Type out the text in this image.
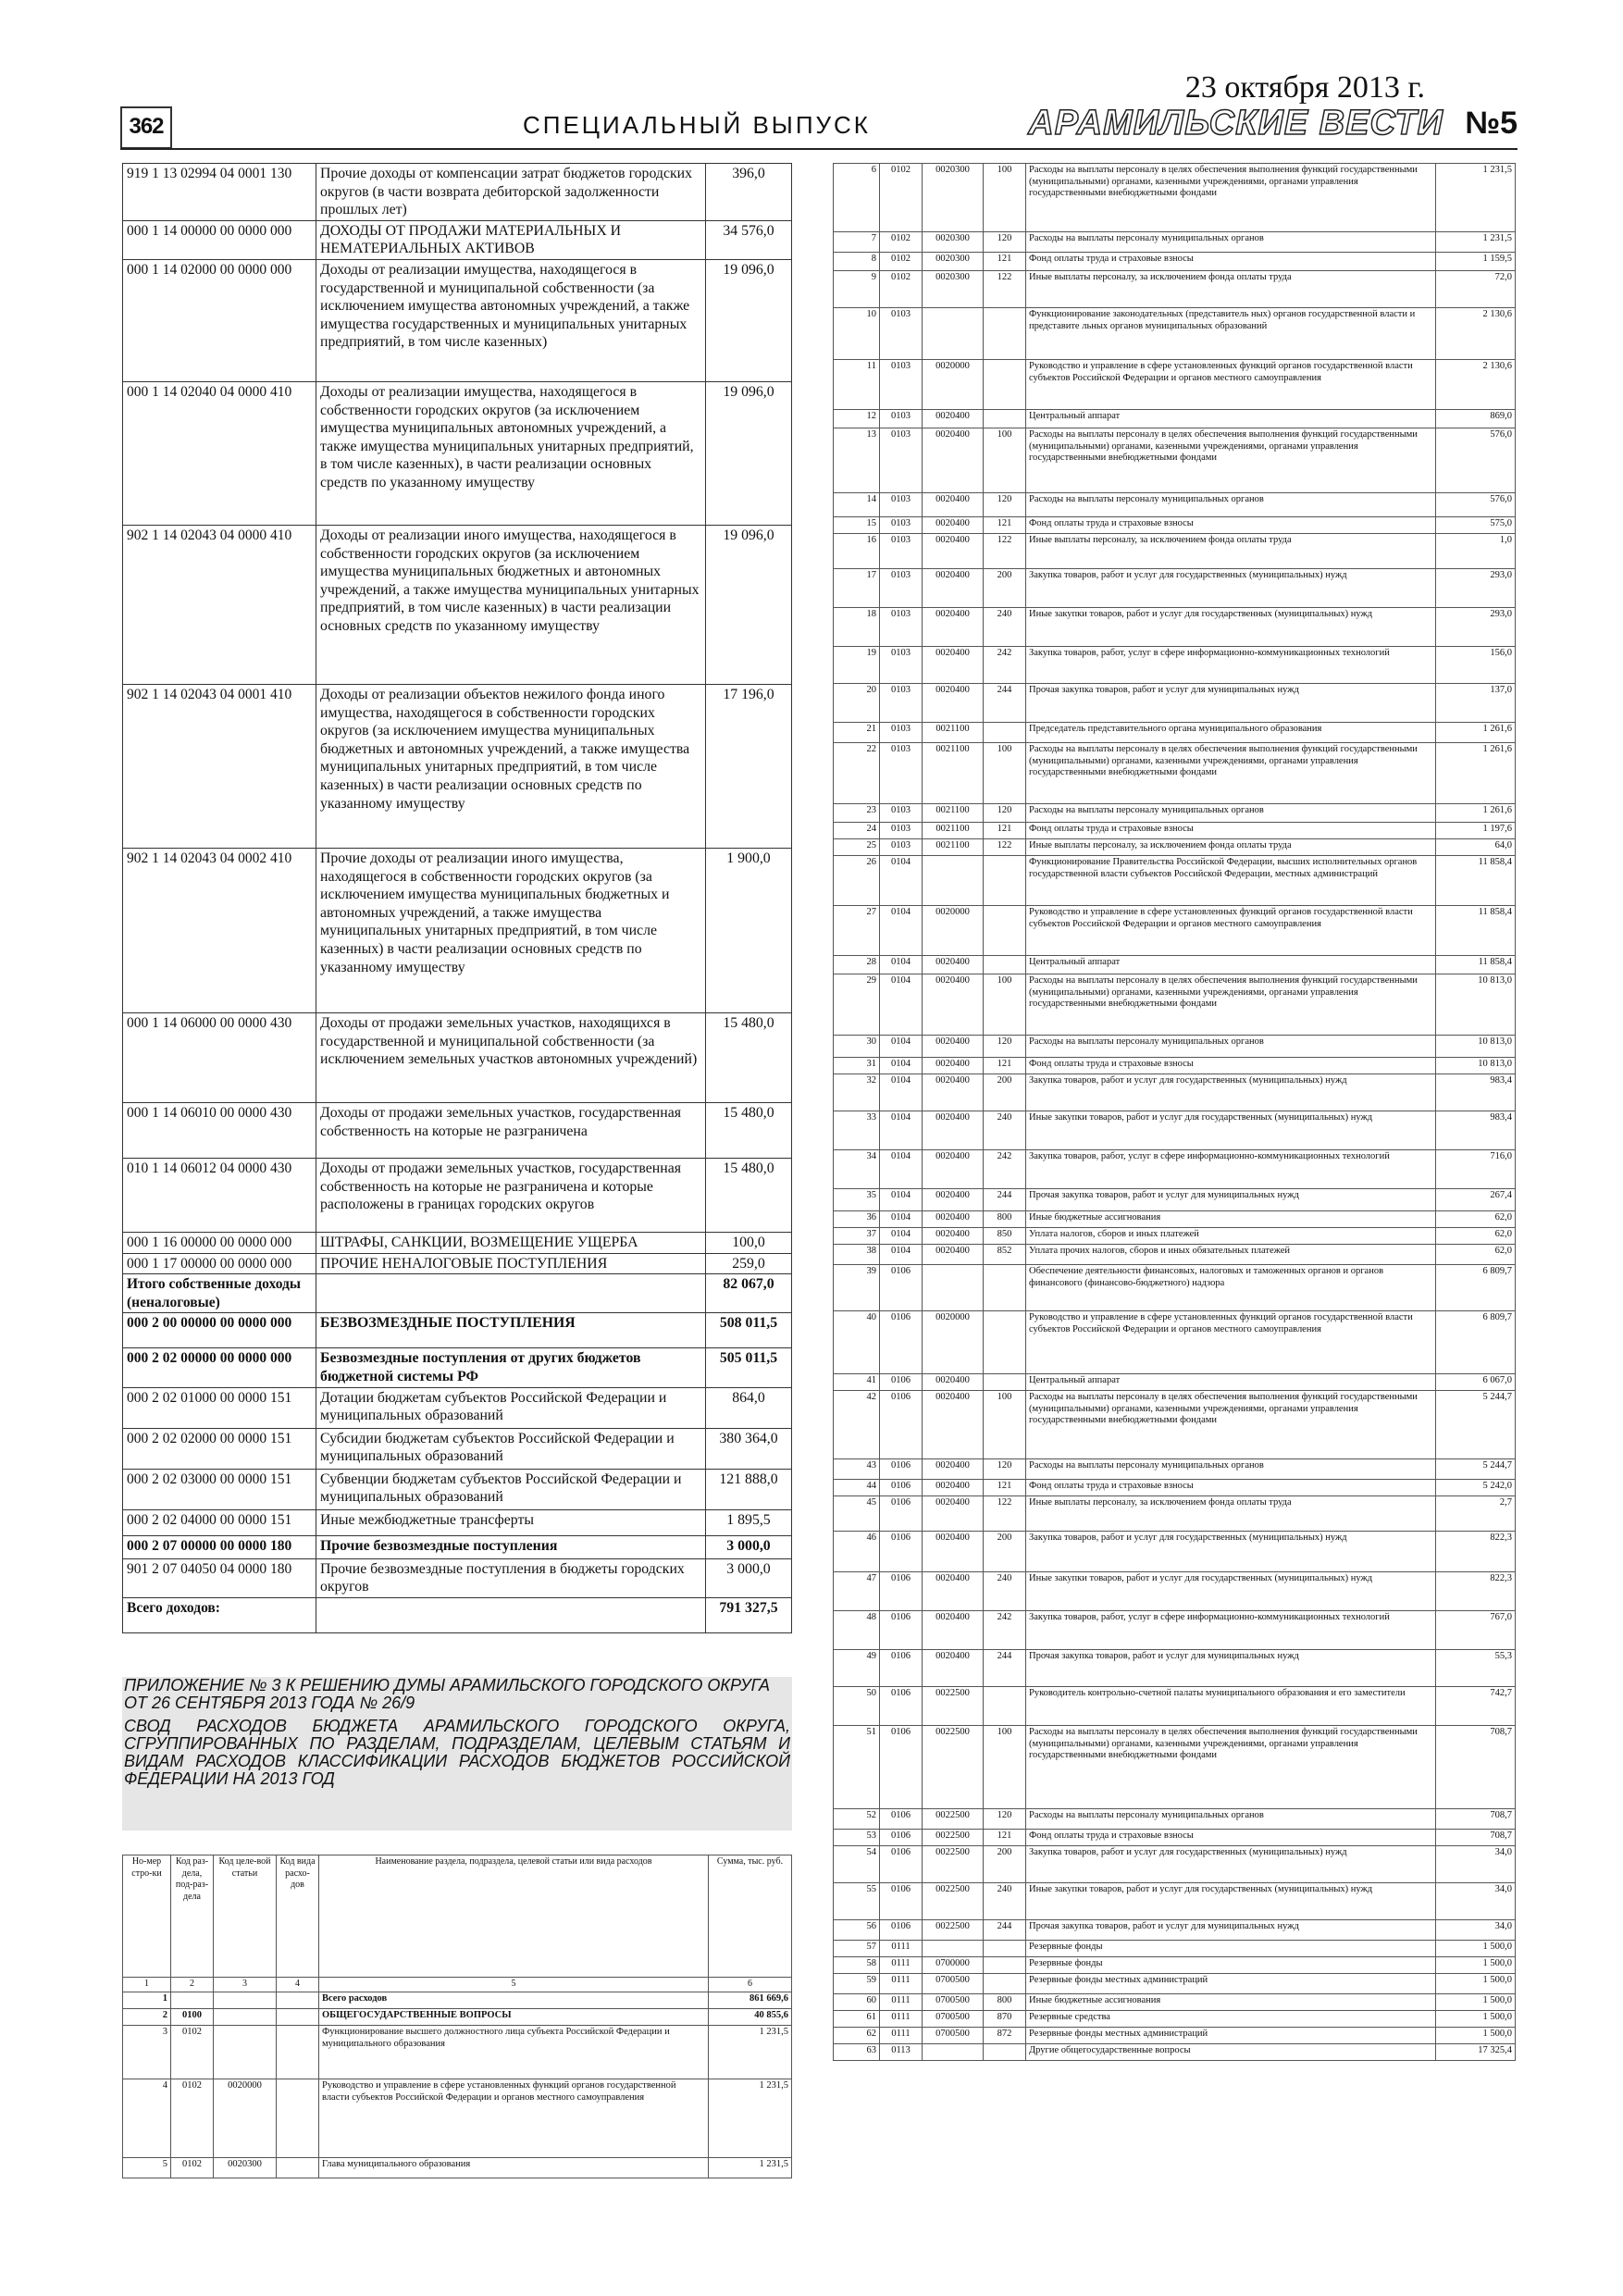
362	СПЕЦИАЛЬНЫЙ ВЫПУСК
23 октября 2013 г.
АРАМИЛЬСКИЕ ВЕСТИ №5
919 1 13 02994 04 0001 130	Прочие доходы от компенсации затрат бюджетов городских округов (в части возврата дебиторской задолженности прошлых лет)	396,0
000 1 14 00000 00 0000 000	ДОХОДЫ ОТ ПРОДАЖИ МАТЕРИАЛЬНЫХ И НЕМАТЕРИАЛЬНЫХ АКТИВОВ	34 576,0
000 1 14 02000 00 0000 000	Доходы от реализации имущества, находящегося в государственной и муниципальной собственности (за исключением имущества автономных учреждений, а также имущества государственных и муниципальных унитарных предприятий, в том числе казенных)	19 096,0
000 1 14 02040 04 0000 410	Доходы от реализации имущества, находящегося в собственности городских округов (за исключением имущества муниципальных автономных учреждений, а также имущества муниципальных унитарных предприятий, в том числе казенных), в части реализации основных средств по указанному имуществу	19 096,0
902 1 14 02043 04 0000 410	Доходы от реализации иного имущества, находящегося в собственности городских округов (за исключением имущества муниципальных бюджетных и автономных учреждений, а также имущества муниципальных унитарных предприятий, в том числе казенных) в части реализации основных средств по указанному имуществу	19 096,0
902 1 14 02043 04 0001 410	Доходы от реализации объектов нежилого фонда иного имущества, находящегося в собственности городских округов (за исключением имущества муниципальных бюджетных и автономных учреждений, а также имущества муниципальных унитарных предприятий, в том числе казенных) в части реализации основных средств по указанному имуществу	17 196,0
902 1 14 02043 04 0002 410	Прочие доходы от реализации иного имущества, находящегося в собственности городских округов (за исключением имущества муниципальных бюджетных и автономных учреждений, а также имущества муниципальных унитарных предприятий, в том числе казенных) в части реализации основных средств по указанному имуществу	1 900,0
000 1 14 06000 00 0000 430	Доходы от продажи земельных участков, находящихся в государственной и муниципальной собственности (за исключением земельных участков автономных учреждений)	15 480,0
000 1 14 06010 00 0000 430	Доходы от продажи земельных участков, государственная собственность на которые не разграничена	15 480,0
010 1 14 06012 04 0000 430	Доходы от продажи земельных участков, государственная собственность на которые не разграничена и которые расположены в границах городских округов	15 480,0
000 1 16 00000 00 0000 000	ШТРАФЫ, САНКЦИИ, ВОЗМЕЩЕНИЕ УЩЕРБА	100,0
000 1 17 00000 00 0000 000	ПРОЧИЕ НЕНАЛОГОВЫЕ ПОСТУПЛЕНИЯ	259,0
Итого собственные доходы (неналоговые)		82 067,0
000 2 00 00000 00 0000 000	БЕЗВОЗМЕЗДНЫЕ ПОСТУПЛЕНИЯ	508 011,5
000 2 02 00000 00 0000 000	Безвозмездные поступления от других бюджетов бюджетной системы РФ	505 011,5
000 2 02 01000 00 0000 151	Дотации бюджетам субъектов Российской Федерации и муниципальных образований	864,0
000 2 02 02000 00 0000 151	Субсидии бюджетам субъектов Российской Федерации и муниципальных образований	380 364,0
000 2 02 03000 00 0000 151	Субвенции бюджетам субъектов Российской Федерации и муниципальных образований	121 888,0
000 2 02 04000 00 0000 151	Иные межбюджетные трансферты	1 895,5
000 2 07 00000 00 0000 180	Прочие безвозмездные поступления	3 000,0
901 2 07 04050 04 0000 180	Прочие безвозмездные поступления в бюджеты городских округов	3 000,0
Всего доходов:		791 327,5
ПРИЛОЖЕНИЕ № 3 К РЕШЕНИЮ ДУМЫ АРАМИЛЬСКОГО ГОРОДСКОГО ОКРУГА ОТ 26 СЕНТЯБРЯ 2013 ГОДА № 26/9
СВОД РАСХОДОВ БЮДЖЕТА АРАМИЛЬСКОГО ГОРОДСКОГО ОКРУГА, СГРУППИРОВАННЫХ ПО РАЗДЕЛАМ, ПОДРАЗДЕЛАМ, ЦЕЛЕВЫМ СТАТЬЯМ И ВИДАМ РАСХОДОВ КЛАССИФИКАЦИИ РАСХОДОВ БЮДЖЕТОВ РОССИЙСКОЙ ФЕДЕРАЦИИ НА 2013 ГОД
Но-мер стро-ки	Код раз-дела, под-раз-дела	Код целе-вой статьи	Код вида расхо-дов	Наименование раздела, подраздела, целевой статьи или вида расходов	Сумма, тыс. руб.
1	2	3	4	5	6
1				Всего расходов	861 669,6
2	0100			ОБЩЕГОСУДАРСТВЕННЫЕ ВОПРОСЫ	40 855,6
3	0102			Функционирование высшего должностного лица субъекта Российской Федерации и муниципального образования	1 231,5
4	0102	0020000		Руководство и управление в сфере установленных функций органов государственной власти субъектов Российской Федерации и органов местного самоуправления	1 231,5
5	0102	0020300		Глава муниципального образования	1 231,5
6	0102	0020300	100	Расходы на выплаты персоналу в целях обеспечения выполнения функций государственными (муниципальными) органами, казенными учреждениями, органами управления государственными внебюджетными фондами	1 231,5
7	0102	0020300	120	Расходы на выплаты персоналу муниципальных органов	1 231,5
8	0102	0020300	121	Фонд оплаты труда и страховые взносы	1 159,5
9	0102	0020300	122	Иные выплаты персоналу, за исключением фонда оплаты труда	72,0
10	0103			Функционирование законодательных (представитель ных) органов государственной власти и представите льных органов муниципальных образований	2 130,6
11	0103	0020000		Руководство и управление в сфере установленных функций органов государственной власти субъектов Российской Федерации и органов местного самоуправления	2 130,6
12	0103	0020400		Центральный аппарат	869,0
13	0103	0020400	100	Расходы на выплаты персоналу в целях обеспечения выполнения функций государственными (муниципальными) органами, казенными учреждениями, органами управления государственными внебюджетными фондами	576,0
14	0103	0020400	120	Расходы на выплаты персоналу муниципальных органов	576,0
15	0103	0020400	121	Фонд оплаты труда и страховые взносы	575,0
16	0103	0020400	122	Иные выплаты персоналу, за исключением фонда оплаты труда	1,0
17	0103	0020400	200	Закупка товаров, работ и услуг для государственных (муниципальных) нужд	293,0
18	0103	0020400	240	Иные закупки товаров, работ и услуг для государственных (муниципальных) нужд	293,0
19	0103	0020400	242	Закупка товаров, работ, услуг в сфере информационно-коммуникационных технологий	156,0
20	0103	0020400	244	Прочая закупка товаров, работ и услуг для муниципальных нужд	137,0
21	0103	0021100		Председатель представительного органа муниципального образования	1 261,6
22	0103	0021100	100	Расходы на выплаты персоналу в целях обеспечения выполнения функций государственными (муниципальными) органами, казенными учреждениями, органами управления государственными внебюджетными фондами	1 261,6
23	0103	0021100	120	Расходы на выплаты персоналу муниципальных органов	1 261,6
24	0103	0021100	121	Фонд оплаты труда и страховые взносы	1 197,6
25	0103	0021100	122	Иные выплаты персоналу, за исключением фонда оплаты труда	64,0
26	0104			Функционирование Правительства Российской Федерации, высших исполнительных органов государственной власти субъектов Российской Федерации, местных администраций	11 858,4
27	0104	0020000		Руководство и управление в сфере установленных функций органов государственной власти субъектов Российской Федерации и органов местного самоуправления	11 858,4
28	0104	0020400		Центральный аппарат	11 858,4
29	0104	0020400	100	Расходы на выплаты персоналу в целях обеспечения выполнения функций государственными (муниципальными) органами, казенными учреждениями, органами управления государственными внебюджетными фондами	10 813,0
30	0104	0020400	120	Расходы на выплаты персоналу муниципальных органов	10 813,0
31	0104	0020400	121	Фонд оплаты труда и страховые взносы	10 813,0
32	0104	0020400	200	Закупка товаров, работ и услуг для государственных (муниципальных) нужд	983,4
33	0104	0020400	240	Иные закупки товаров, работ и услуг для государственных (муниципальных) нужд	983,4
34	0104	0020400	242	Закупка товаров, работ, услуг в сфере информационно-коммуникационных технологий	716,0
35	0104	0020400	244	Прочая закупка товаров, работ и услуг для муниципальных нужд	267,4
36	0104	0020400	800	Иные бюджетные ассигнования	62,0
37	0104	0020400	850	Уплата налогов, сборов и иных платежей	62,0
38	0104	0020400	852	Уплата прочих налогов, сборов и иных обязательных платежей	62,0
39	0106			Обеспечение деятельности финансовых, налоговых и таможенных органов и органов финансового (финансово-бюджетного) надзора	6 809,7
40	0106	0020000		Руководство и управление в сфере установленных функций органов государственной власти субъектов Российской Федерации и органов местного самоуправления	6 809,7
41	0106	0020400		Центральный аппарат	6 067,0
42	0106	0020400	100	Расходы на выплаты персоналу в целях обеспечения выполнения функций государственными (муниципальными) органами, казенными учреждениями, органами управления государственными внебюджетными фондами	5 244,7
43	0106	0020400	120	Расходы на выплаты персоналу муниципальных органов	5 244,7
44	0106	0020400	121	Фонд оплаты труда и страховые взносы	5 242,0
45	0106	0020400	122	Иные выплаты персоналу, за исключением фонда оплаты труда	2,7
46	0106	0020400	200	Закупка товаров, работ и услуг для государственных (муниципальных) нужд	822,3
47	0106	0020400	240	Иные закупки товаров, работ и услуг для государственных (муниципальных) нужд	822,3
48	0106	0020400	242	Закупка товаров, работ, услуг в сфере информационно-коммуникационных технологий	767,0
49	0106	0020400	244	Прочая закупка товаров, работ и услуг для муниципальных нужд	55,3
50	0106	0022500		Руководитель контрольно-счетной палаты муниципального образования и его заместители	742,7
51	0106	0022500	100	Расходы на выплаты персоналу в целях обеспечения выполнения функций государственными (муниципальными) органами, казенными учреждениями, органами управления государственными внебюджетными фондами	708,7
52	0106	0022500	120	Расходы на выплаты персоналу муниципальных органов	708,7
53	0106	0022500	121	Фонд оплаты труда и страховые взносы	708,7
54	0106	0022500	200	Закупка товаров, работ и услуг для государственных (муниципальных) нужд	34,0
55	0106	0022500	240	Иные закупки товаров, работ и услуг для государственных (муниципальных) нужд	34,0
56	0106	0022500	244	Прочая закупка товаров, работ и услуг для муниципальных нужд	34,0
57	0111			Резервные фонды	1 500,0
58	0111	0700000		Резервные фонды	1 500,0
59	0111	0700500		Резервные фонды местных администраций	1 500,0
60	0111	0700500	800	Иные бюджетные ассигнования	1 500,0
61	0111	0700500	870	Резервные средства	1 500,0
62	0111	0700500	872	Резервные фонды местных администраций	1 500,0
63	0113			Другие общегосударственные вопросы	17 325,4
